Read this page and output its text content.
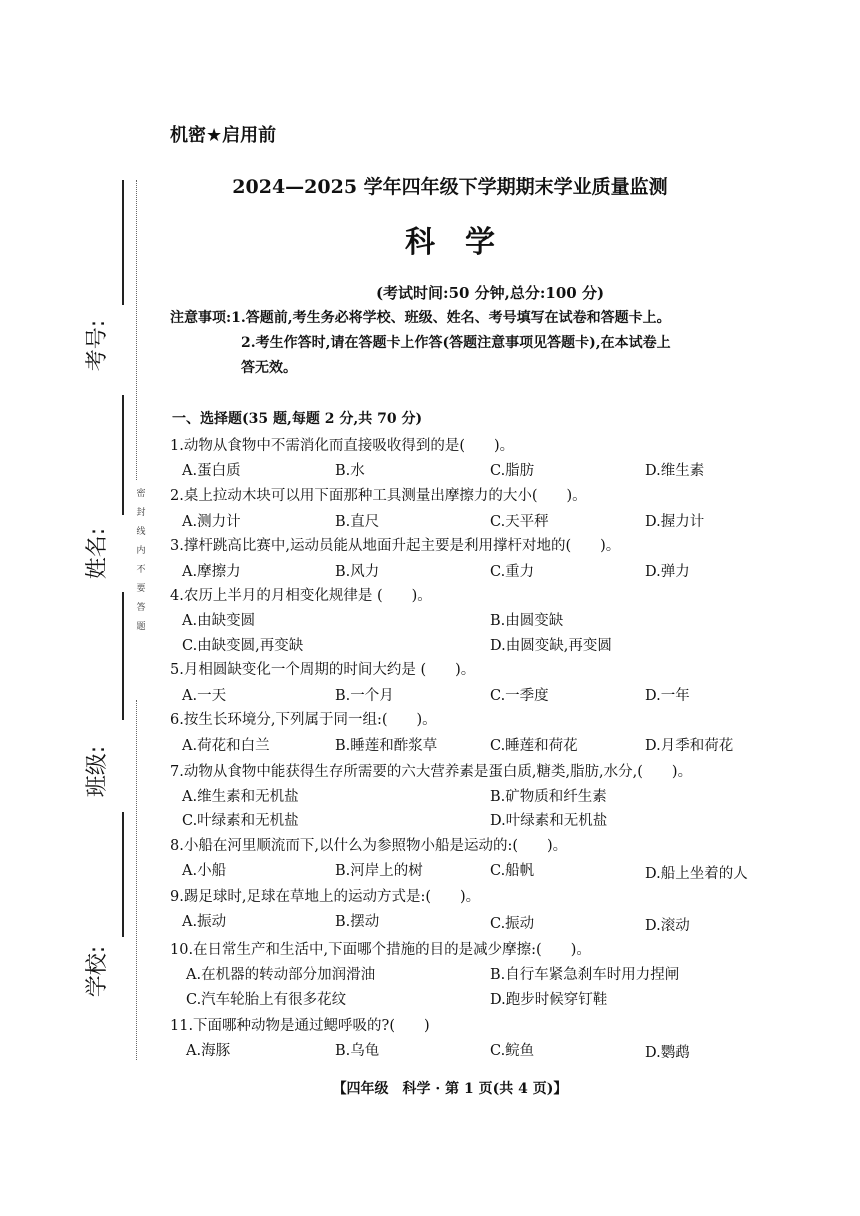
机密★启用前
2024—2025 学年四年级下学期期末学业质量监测
科学
(考试时间:50 分钟,总分:100 分)
注意事项:1.答题前,考生务必将学校、班级、姓名、考号填写在试卷和答题卡上。
2.考生作答时,请在答题卡上作答(答题注意事项见答题卡),在本试卷上
答无效。
考号:
姓名:
班级:
学校:
密封线内不要答题
一、选择题(35 题,每题 2 分,共 70 分)
1.动物从食物中不需消化而直接吸收得到的是(　　)。
A.蛋白质	B.水	C.脂肪	D.维生素
2.桌上拉动木块可以用下面那种工具测量出摩擦力的大小(　　)。
A.测力计	B.直尺	C.天平秤	D.握力计
3.撑杆跳高比赛中,运动员能从地面升起主要是利用撑杆对地的(　　)。
A.摩擦力	B.风力	C.重力	D.弹力
4.农历上半月的月相变化规律是 (　　)。
A.由缺变圆	B.由圆变缺
C.由缺变圆,再变缺	D.由圆变缺,再变圆
5.月相圆缺变化一个周期的时间大约是 (　　)。
A.一天	B.一个月	C.一季度	D.一年
6.按生长环境分,下列属于同一组:(　　)。
A.荷花和白兰	B.睡莲和酢浆草	C.睡莲和荷花	D.月季和荷花
7.动物从食物中能获得生存所需要的六大营养素是蛋白质,糖类,脂肪,水分,(　　)。
A.维生素和无机盐	B.矿物质和纤生素
C.叶绿素和无机盐	D.叶绿素和无机盐
8.小船在河里顺流而下,以什么为参照物小船是运动的:(　　)。
A.小船	B.河岸上的树	C.船帆	D.船上坐着的人
9.踢足球时,足球在草地上的运动方式是:(　　)。
A.振动	B.摆动	C.振动	D.滚动
10.在日常生产和生活中,下面哪个措施的目的是减少摩擦:(　　)。
A.在机器的转动部分加润滑油	B.自行车紧急刹车时用力捏闸
C.汽车轮胎上有很多花纹	D.跑步时候穿钉鞋
11.下面哪种动物是通过鳃呼吸的?(　　)
A.海豚	B.乌龟	C.鲩鱼	D.鹦鹉
【四年级　科学 · 第 1 页(共 4 页)】
